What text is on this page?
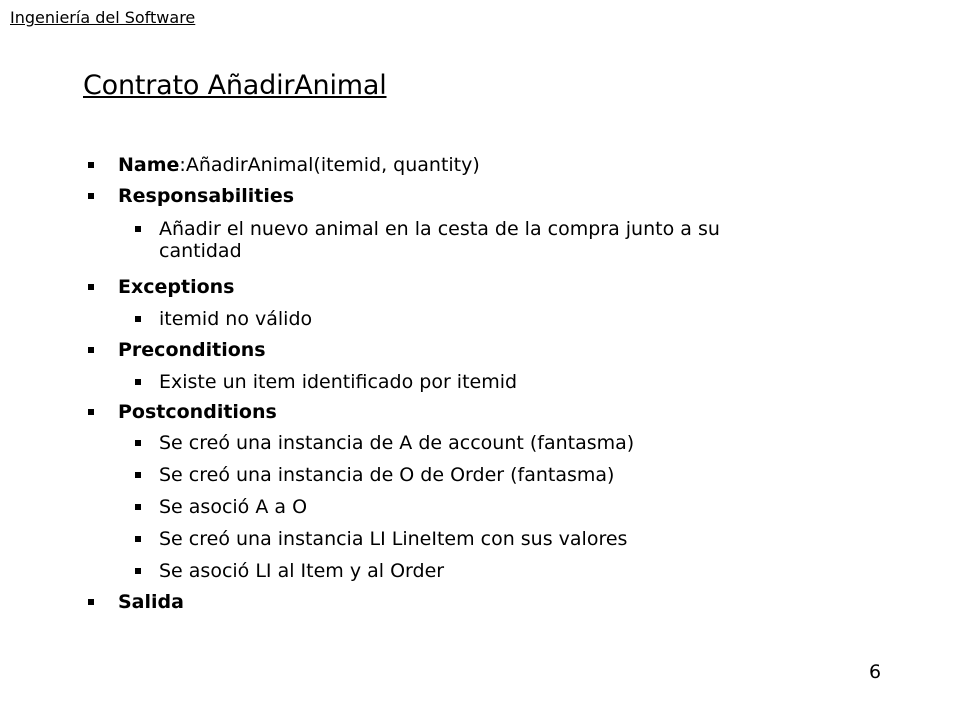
Ingeniería del Software
Contrato AñadirAnimal
Name:AñadirAnimal(itemid, quantity)
Responsabilities
Añadir el nuevo animal en la cesta de la compra junto a su
cantidad
Exceptions
itemid no válido
Preconditions
Existe un item identificado por itemid
Postconditions
Se creó una instancia de A de account (fantasma)
Se creó una instancia de O de Order (fantasma)
Se asoció A a O
Se creó una instancia LI LineItem con sus valores
Se asoció LI al Item y al Order
Salida
6
